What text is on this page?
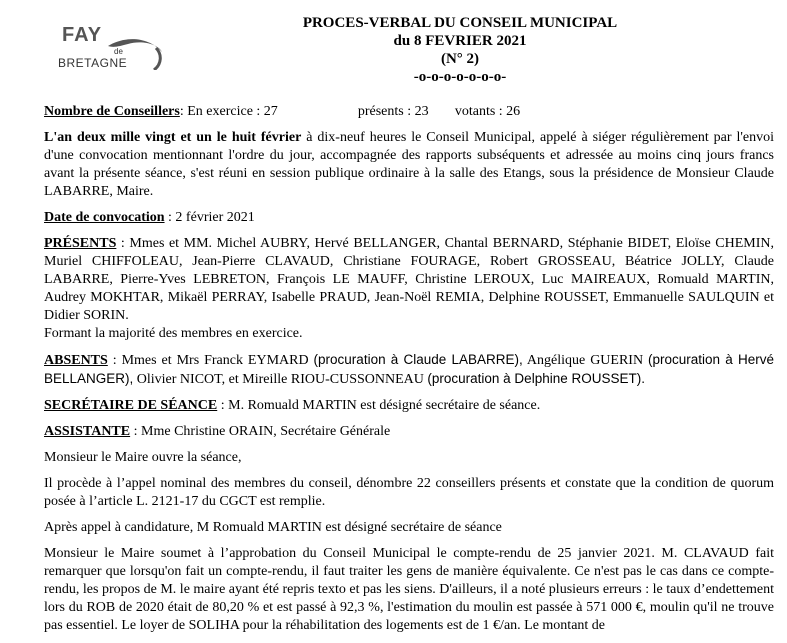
FAY
de
BRETAGNE
PROCES-VERBAL DU CONSEIL MUNICIPAL
du 8 FEVRIER 2021
(N° 2)
-o-o-o-o-o-o-o-

Nombre de Conseillers: En exercice : 27	présents : 23 votants : 26

L'an deux mille vingt et un le huit février à dix-neuf heures le Conseil Municipal, appelé à siéger régulièrement par l'envoi d'une convocation mentionnant l'ordre du jour, accompagnée des rapports subséquents et adressée au moins cinq jours francs avant la présente séance, s'est réuni en session publique ordinaire à la salle des Etangs, sous la présidence de Monsieur Claude LABARRE, Maire.

Date de convocation : 2 février 2021

PRÉSENTS : Mmes et MM. Michel AUBRY, Hervé BELLANGER, Chantal BERNARD, Stéphanie BIDET, Eloïse CHEMIN, Muriel CHIFFOLEAU, Jean-Pierre CLAVAUD, Christiane FOURAGE, Robert GROSSEAU, Béatrice JOLLY, Claude LABARRE, Pierre-Yves LEBRETON, François LE MAUFF, Christine LEROUX, Luc MAIREAUX, Romuald MARTIN, Audrey MOKHTAR, Mikaël PERRAY, Isabelle PRAUD, Jean-Noël REMIA, Delphine ROUSSET, Emmanuelle SAULQUIN et Didier SORIN.
Formant la majorité des membres en exercice.

ABSENTS : Mmes et Mrs Franck EYMARD (procuration à Claude LABARRE), Angélique GUERIN (procuration à Hervé BELLANGER), Olivier NICOT, et Mireille RIOU-CUSSONNEAU (procuration à Delphine ROUSSET).

SECRÉTAIRE DE SÉANCE : M. Romuald MARTIN est désigné secrétaire de séance.

ASSISTANTE : Mme Christine ORAIN, Secrétaire Générale

Monsieur le Maire ouvre la séance,

Il procède à l’appel nominal des membres du conseil, dénombre 22 conseillers présents et constate que la condition de quorum posée à l’article L. 2121-17 du CGCT est remplie.

Après appel à candidature, M Romuald MARTIN est désigné secrétaire de séance

Monsieur le Maire soumet à l’approbation du Conseil Municipal le compte-rendu de 25 janvier 2021. M. CLAVAUD fait remarquer que lorsqu'on fait un compte-rendu, il faut traiter les gens de manière équivalente. Ce n'est pas le cas dans ce compte-rendu, les propos de M. le maire ayant été repris texto et pas les siens. D'ailleurs, il a noté plusieurs erreurs : le taux d’endettement lors du ROB de 2020 était de 80,20 % et est passé à 92,3 %, l'estimation du moulin est passée à 571 000 €, moulin qu'il ne trouve pas essentiel. Le loyer de SOLIHA pour la réhabilitation des logements est de 1 €/an. Le montant de
